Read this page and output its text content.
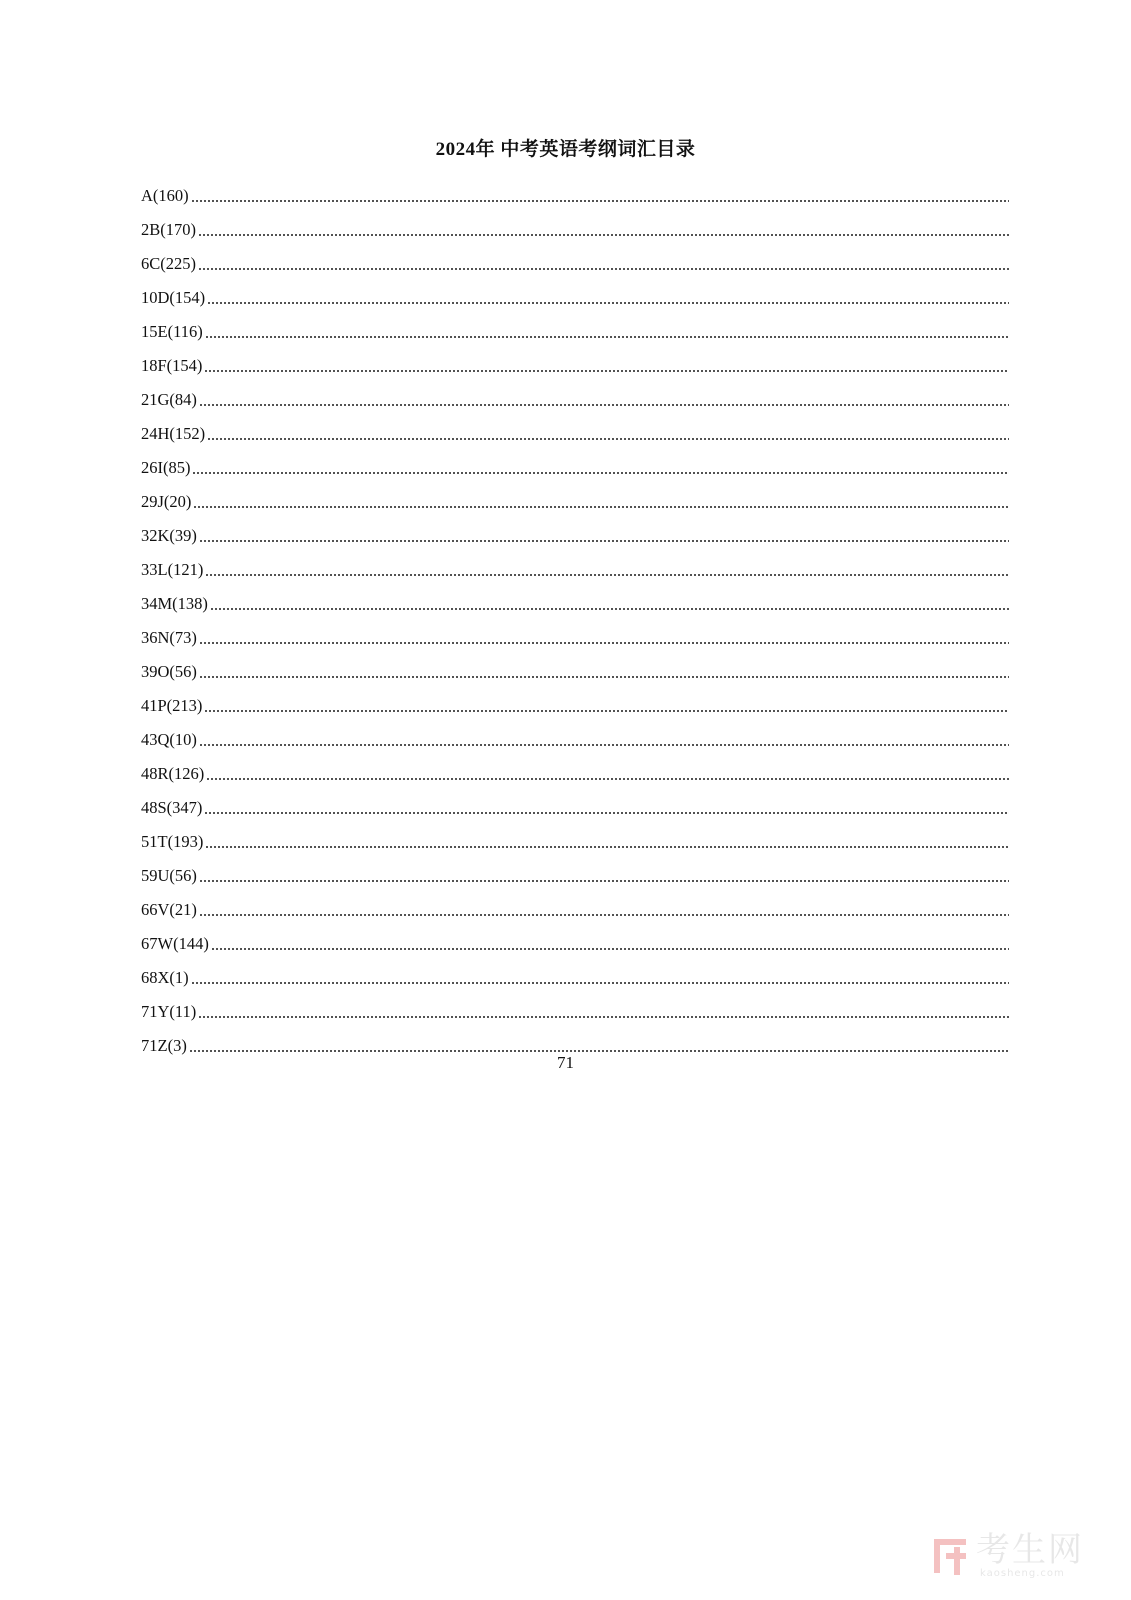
2024年 中考英语考纲词汇目录
A(160)
2B(170)
6C(225)
10D(154)
15E(116)
18F(154)
21G(84)
24H(152)
26I(85)
29J(20)
32K(39)
33L(121)
34M(138)
36N(73)
39O(56)
41P(213)
43Q(10)
48R(126)
48S(347)
51T(193)
59U(56)
66V(21)
67W(144)
68X(1)
71Y(11)
71Z(3)
71
考生网
kaosheng.com
